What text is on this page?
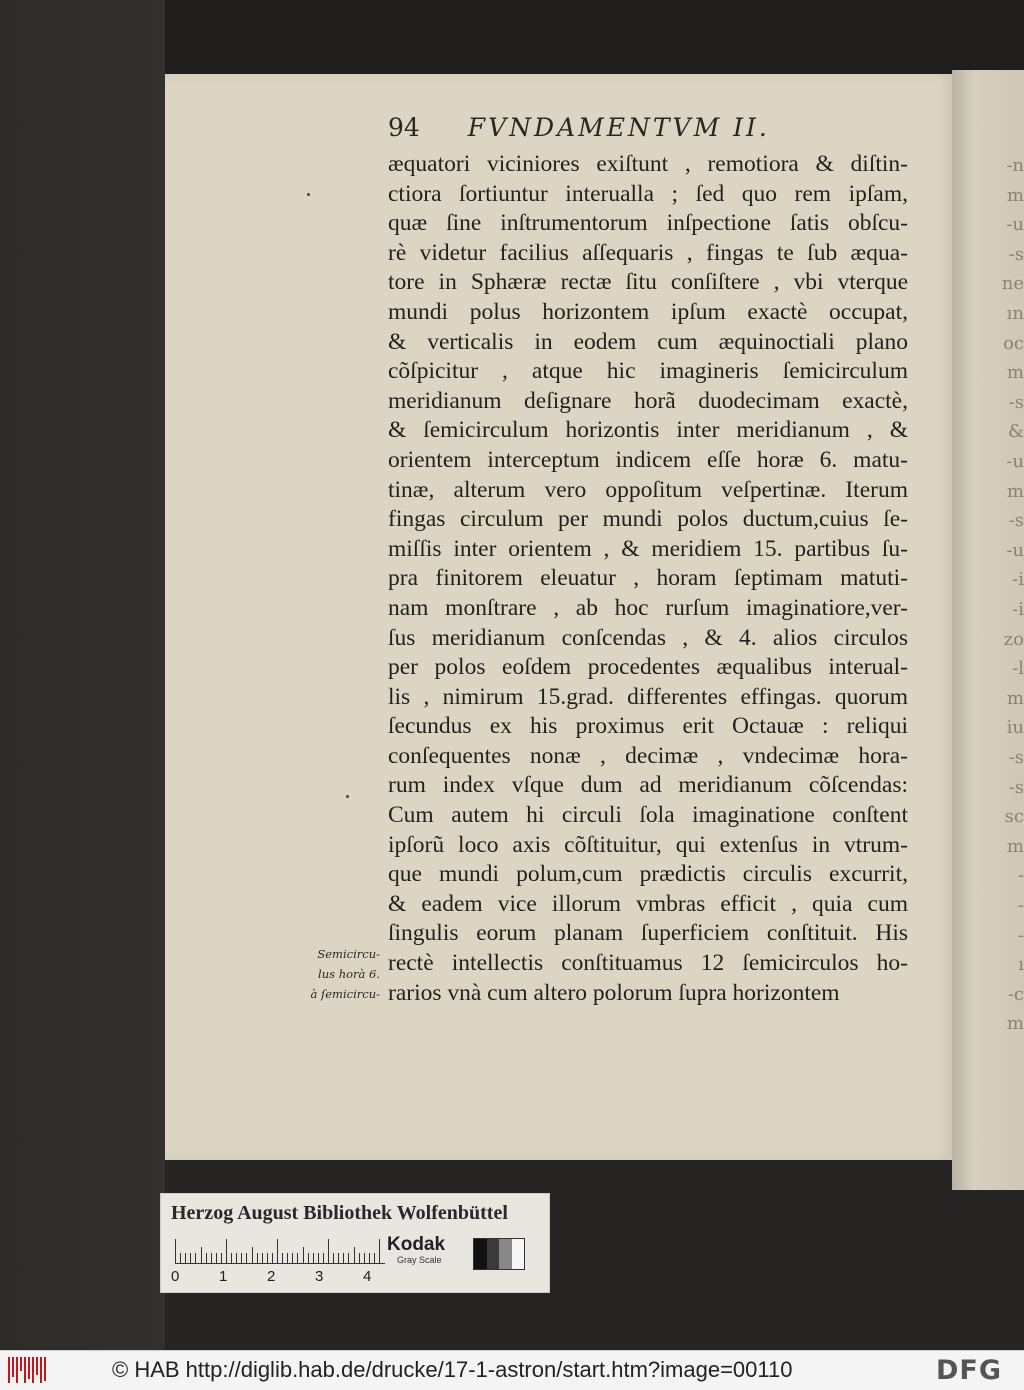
-n
m
-u
-s
ne
ın
oc
m
-s
&
-u
m
-s
-u
-i
-i
zo
-l
m
iu
-s
-s
sc
m
-
-
-
ı
-c
m
94 FVNDAMENTVM II.
æquatori viciniores exiſtunt , remotiora & diſtin-
ctiora ſortiuntur interualla ; ſed quo rem ipſam,
quæ ſine inſtrumentorum inſpectione ſatis obſcu-
rè videtur facilius aſſequaris , fingas te ſub æqua-
tore in Sphæræ rectæ ſitu conſiſtere , vbi vterque
mundi polus horizontem ipſum exactè occupat,
& verticalis in eodem cum æquinoctiali plano
cõſpicitur , atque hic imagineris ſemicirculum
meridianum deſignare horã duodecimam exactè,
& ſemicirculum horizontis inter meridianum , &
orientem interceptum indicem eſſe horæ 6. matu-
tinæ, alterum vero oppoſitum veſpertinæ. Iterum
fingas circulum per mundi polos ductum,cuius ſe-
miſſis inter orientem , & meridiem 15. partibus ſu-
pra finitorem eleuatur , horam ſeptimam matuti-
nam monſtrare , ab hoc rurſum imaginatiore,ver-
ſus meridianum conſcendas , & 4. alios circulos
per polos eoſdem procedentes æqualibus interual-
lis , nimirum 15.grad. differentes effingas. quorum
ſecundus ex his proximus erit Octauæ : reliqui
conſequentes nonæ , decimæ , vndecimæ hora-
rum index vſque dum ad meridianum cõſcendas:
Cum autem hi circuli ſola imaginatione conſtent
ipſorũ loco axis cõſtituitur, qui extenſus in vtrum-
que mundi polum,cum prædictis circulis excurrit,
& eadem vice illorum vmbras efficit , quia cum
ſingulis eorum planam ſuperficiem conſtituit. His
rectè intellectis conſtituamus 12 ſemicirculos ho-
rarios vnà cum altero polorum ſupra horizontem
Semicircu-
lus horà 6.
à ſemicircu-
Herzog August Bibliothek Wolfenbüttel
0	1	2	3	4
Kodak
Gray Scale
© HAB http://diglib.hab.de/drucke/17-1-astron/start.htm?image=00110	DFG
